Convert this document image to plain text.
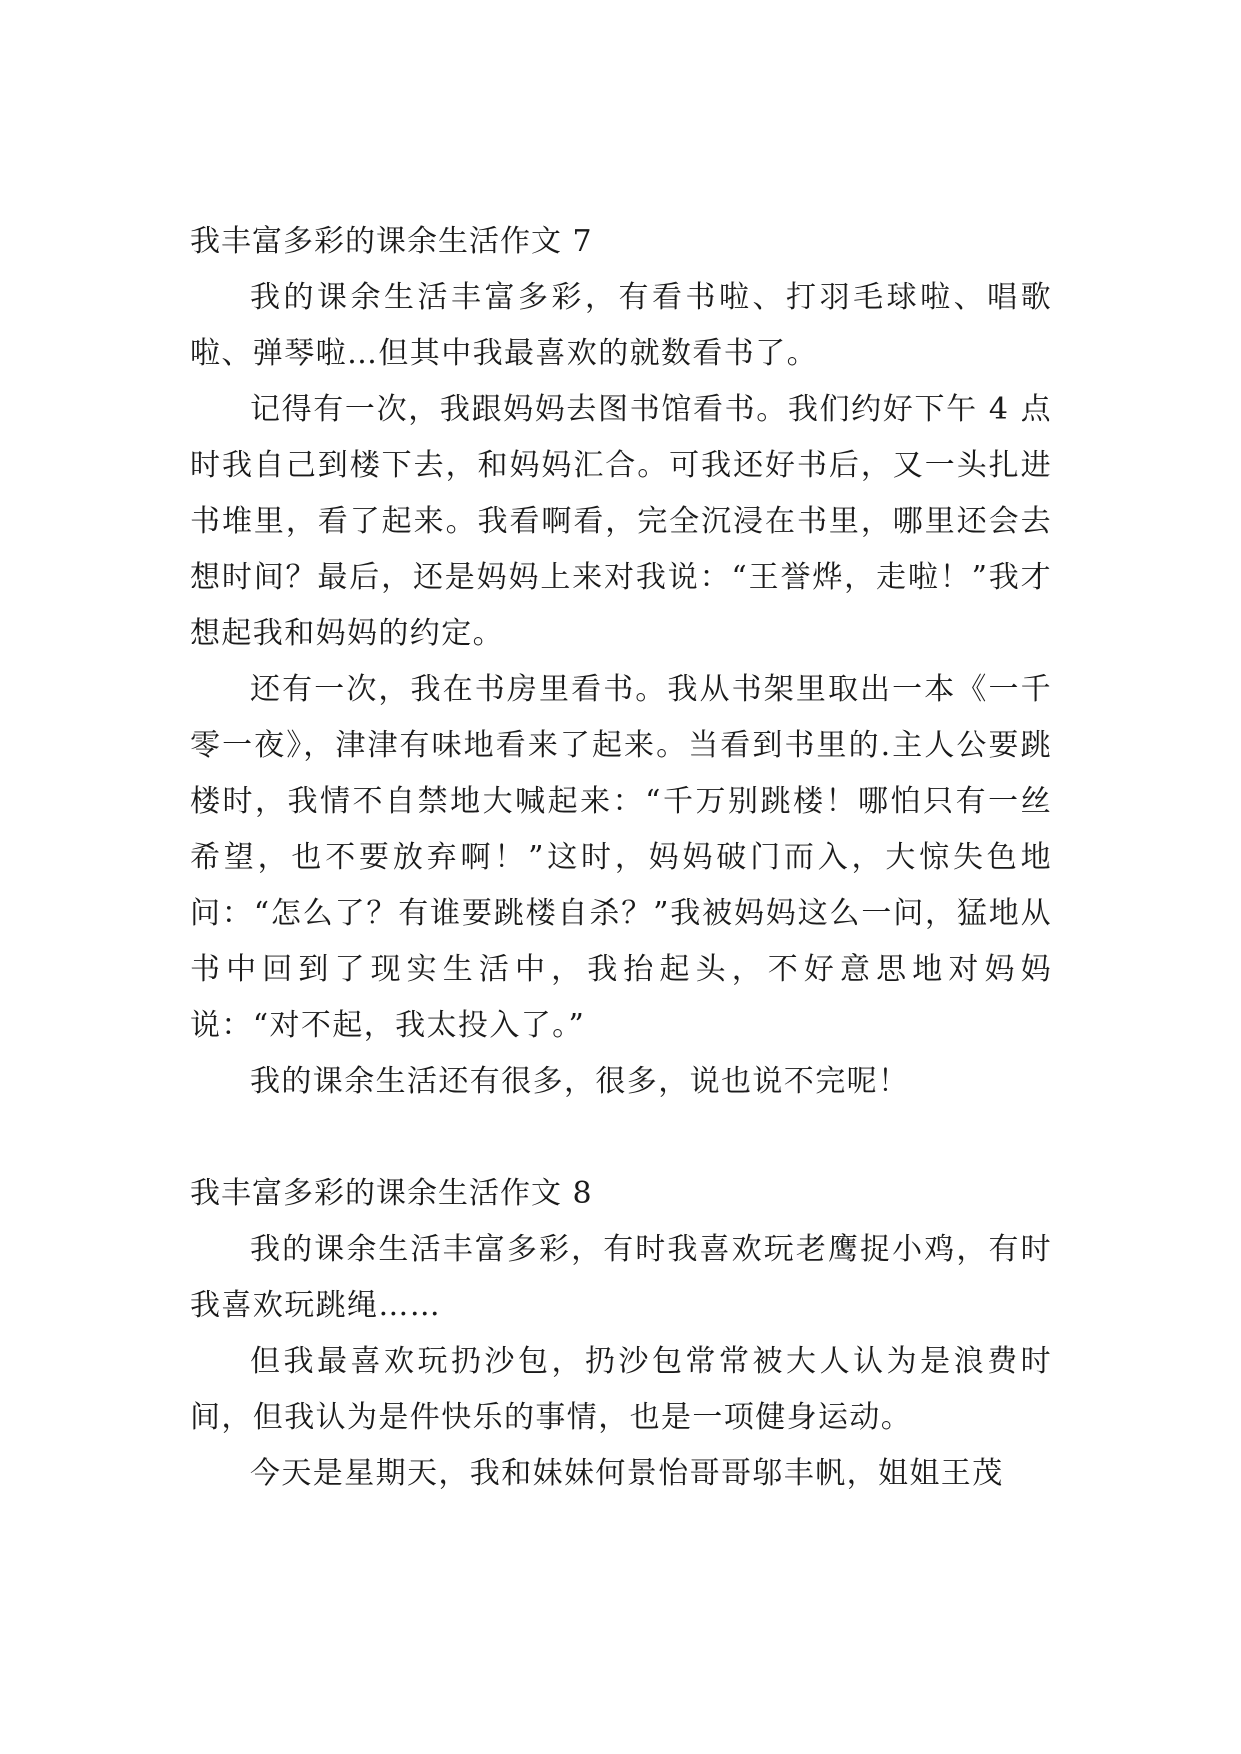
我丰富多彩的课余生活作文 7

我的课余生活丰富多彩，有看书啦、打羽毛球啦、唱歌啦、弹琴啦…但其中我最喜欢的就数看书了。

记得有一次，我跟妈妈去图书馆看书。我们约好下午 4 点时我自己到楼下去，和妈妈汇合。可我还好书后，又一头扎进书堆里，看了起来。我看啊看，完全沉浸在书里，哪里还会去想时间？最后，还是妈妈上来对我说：“王誉烨，走啦！”我才想起我和妈妈的约定。

还有一次，我在书房里看书。我从书架里取出一本《一千零一夜》，津津有味地看来了起来。当看到书里的.主人公要跳楼时，我情不自禁地大喊起来：“千万别跳楼！哪怕只有一丝希望，也不要放弃啊！”这时，妈妈破门而入，大惊失色地问：“怎么了？有谁要跳楼自杀？”我被妈妈这么一问，猛地从书中回到了现实生活中，我抬起头，不好意思地对妈妈说：“对不起，我太投入了。”

我的课余生活还有很多，很多，说也说不完呢！

我丰富多彩的课余生活作文 8

我的课余生活丰富多彩，有时我喜欢玩老鹰捉小鸡，有时我喜欢玩跳绳……

但我最喜欢玩扔沙包，扔沙包常常被大人认为是浪费时间，但我认为是件快乐的事情，也是一项健身运动。

今天是星期天，我和妹妹何景怡哥哥邬丰帆，姐姐王茂
